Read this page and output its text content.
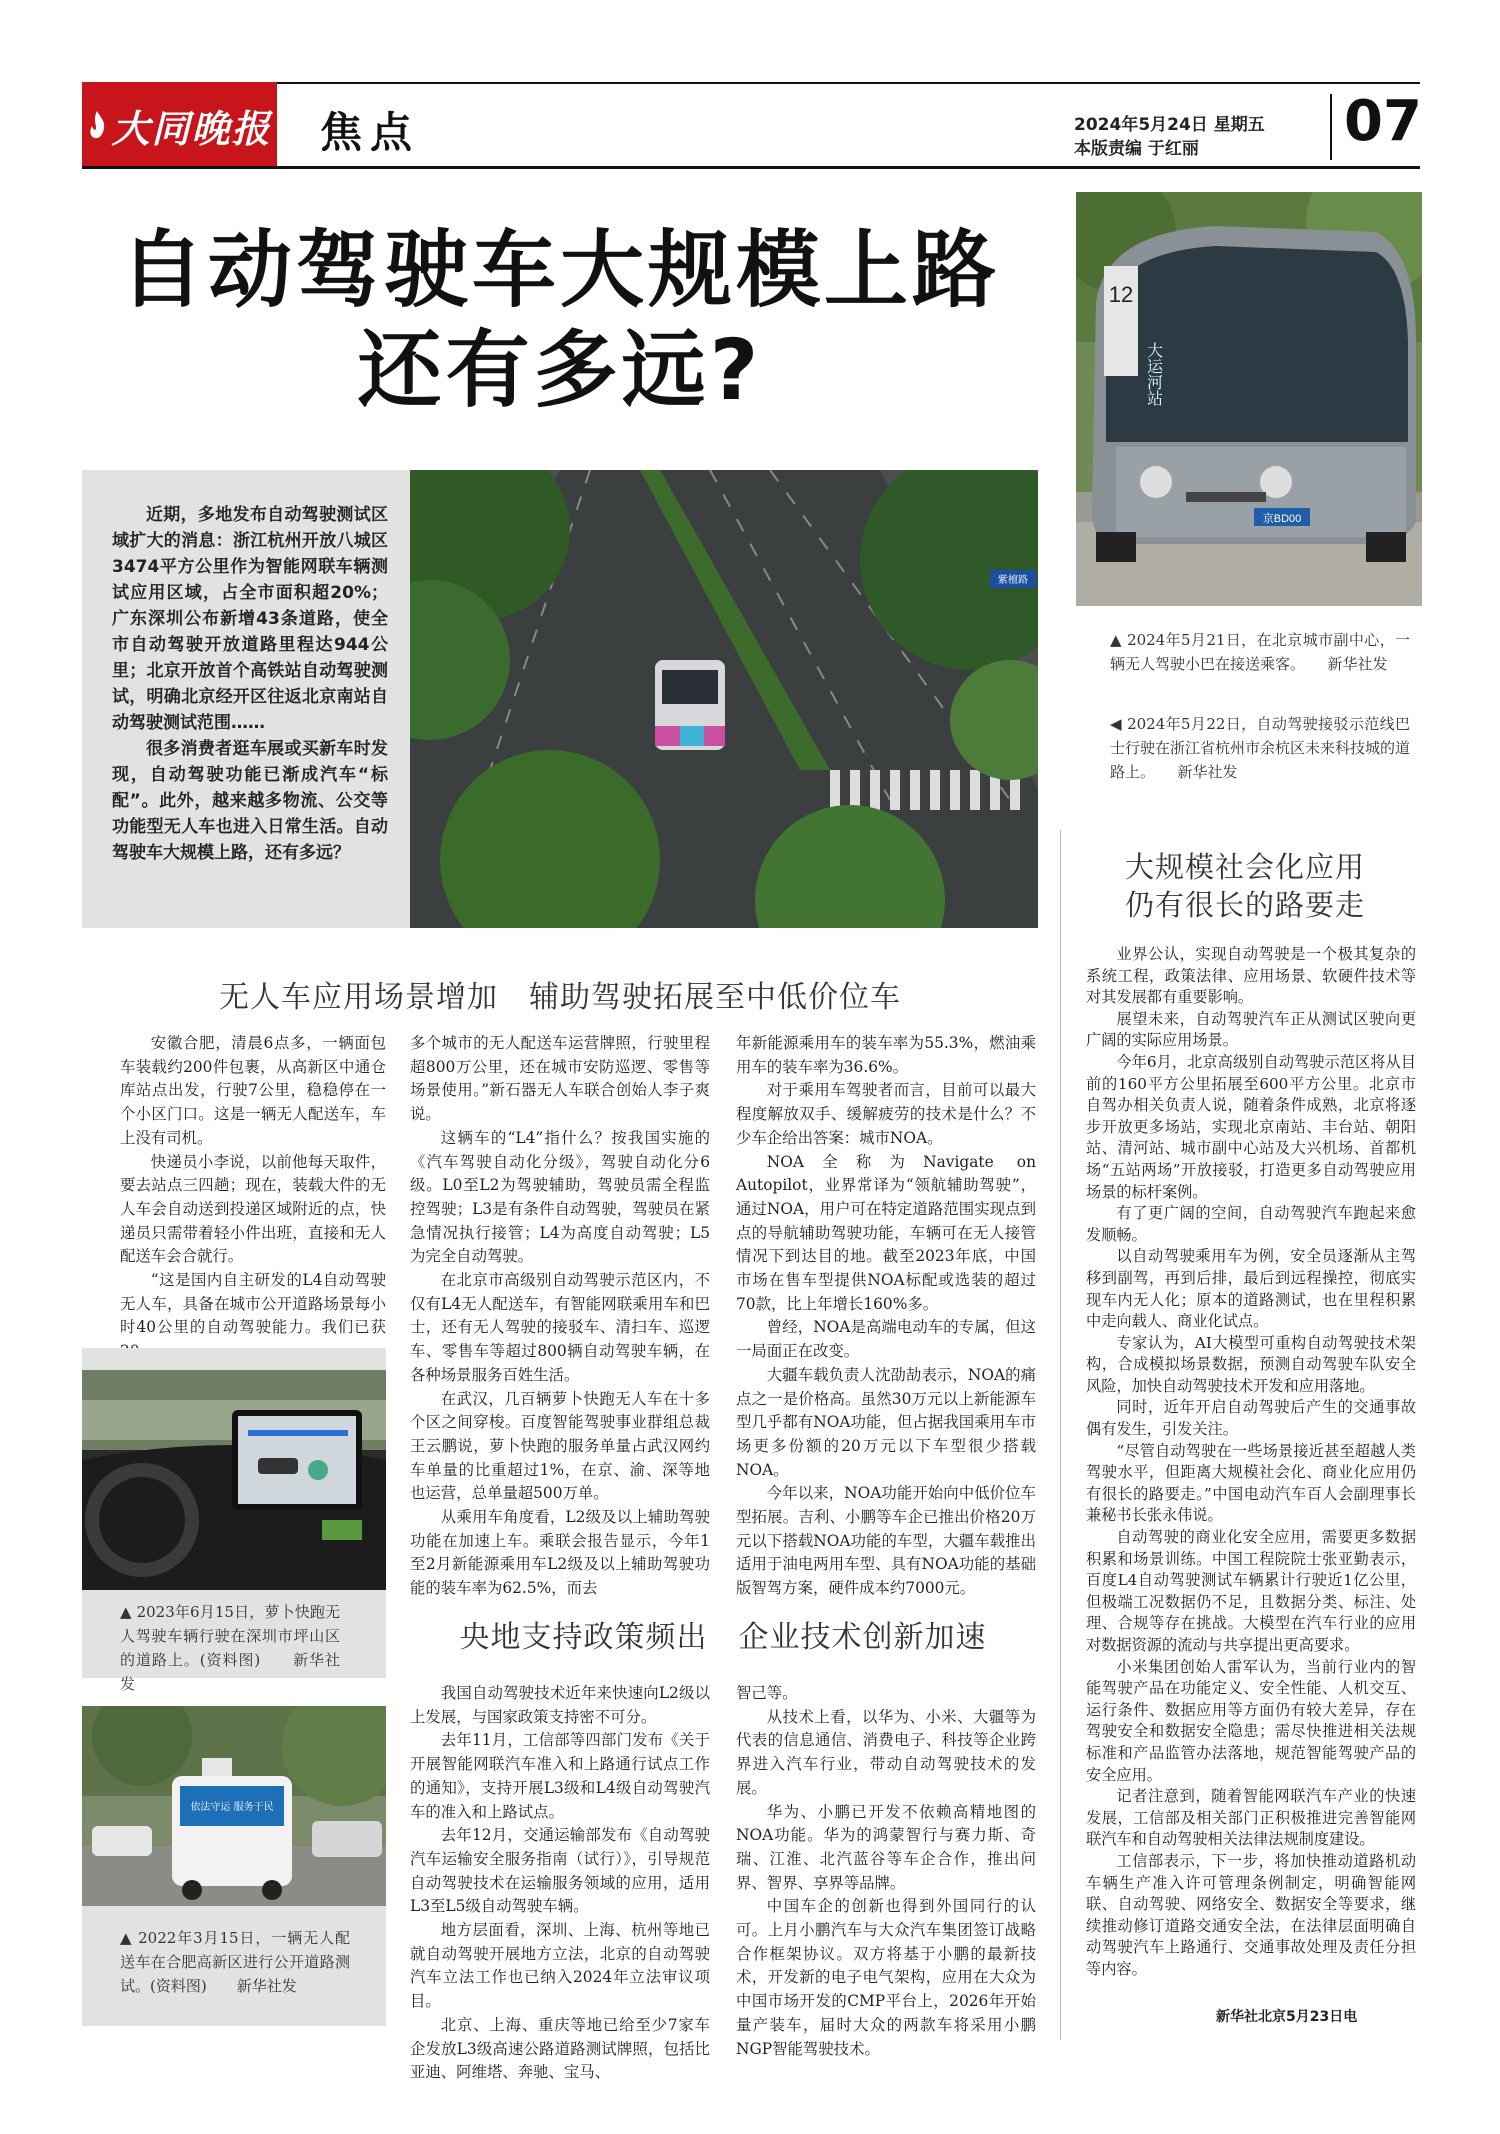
大同晚报 焦点	2024年5月24日 星期五
本版责编 于红丽	07
自动驾驶车大规模上路
还有多远?
12
大运河站
京BD00
▲ 2024年5月21日，在北京城市副中心，一辆无人驾驶小巴在接送乘客。　　新华社发
◀ 2024年5月22日，自动驾驶接驳示范线巴士行驶在浙江省杭州市余杭区未来科技城的道路上。　　新华社发

近期，多地发布自动驾驶测试区域扩大的消息：浙江杭州开放八城区3474平方公里作为智能网联车辆测试应用区域，占全市面积超20%；广东深圳公布新增43条道路，使全市自动驾驶开放道路里程达944公里；北京开放首个高铁站自动驾驶测试，明确北京经开区往返北京南站自动驾驶测试范围……

很多消费者逛车展或买新车时发现，自动驾驶功能已渐成汽车“标配”。此外，越来越多物流、公交等功能型无人车也进入日常生活。自动驾驶车大规模上路，还有多远？

紫檀路
大规模社会化应用
仍有很长的路要走
无人车应用场景增加　辅助驾驶拓展至中低价位车

安徽合肥，清晨6点多，一辆面包车装载约200件包裹，从高新区中通仓库站点出发，行驶7公里，稳稳停在一个小区门口。这是一辆无人配送车，车上没有司机。

快递员小李说，以前他每天取件，要去站点三四趟；现在，装载大件的无人车会自动送到投递区域附近的点，快递员只需带着轻小件出班，直接和无人配送车会合就行。

“这是国内自主研发的L4自动驾驶无人车，具备在城市公开道路场景每小时40公里的自动驾驶能力。我们已获

多个城市的无人配送车运营牌照，行驶里程超800万公里，还在城市安防巡逻、零售等场景使用。”新石器无人车联合创始人李子爽说。

这辆车的“L4”指什么？按我国实施的《汽车驾驶自动化分级》，驾驶自动化分6级。L0至L2为驾驶辅助，驾驶员需全程监控驾驶；L3是有条件自动驾驶，驾驶员在紧急情况执行接管；L4为高度自动驾驶；L5为完全自动驾驶。

在北京市高级别自动驾驶示范区内，不仅有L4无人配送车，有智能网联乘用车和巴士，还有无人驾驶的接驳车、清扫车、巡逻车、零售车等超过800辆自动驾驶车辆，在各种场景服务百姓生活。

在武汉，几百辆萝卜快跑无人车在十多个区之间穿梭。百度智能驾驶事业群组总裁王云鹏说，萝卜快跑的服务单量占武汉网约车单量的比重超过1%，在京、渝、深等地也运营，总单量超500万单。

从乘用车角度看，L2级及以上辅助驾驶功能在加速上车。乘联会报告显示，今年1至2月新能源乘用车L2级及以上辅助驾驶功能的装车率为62.5%，而去

年新能源乘用车的装车率为55.3%，燃油乘用车的装车率为36.6%。

对于乘用车驾驶者而言，目前可以最大程度解放双手、缓解疲劳的技术是什么？不少车企给出答案：城市NOA。

NOA全称为Navigate on Autopilot，业界常译为“领航辅助驾驶”，通过NOA，用户可在特定道路范围实现点到点的导航辅助驾驶功能，车辆可在无人接管情况下到达目的地。截至2023年底，中国市场在售车型提供NOA标配或选装的超过70款，比上年增长160%多。

曾经，NOA是高端电动车的专属，但这一局面正在改变。

大疆车载负责人沈劭劼表示，NOA的痛点之一是价格高。虽然30万元以上新能源车型几乎都有NOA功能，但占据我国乘用车市场更多份额的20万元以下车型很少搭载NOA。

今年以来，NOA功能开始向中低价位车型拓展。吉利、小鹏等车企已推出价格20万元以下搭载NOA功能的车型，大疆车载推出适用于油电两用车型、具有NOA功能的基础版智驾方案，硬件成本约7000元。

▲ 2023年6月15日，萝卜快跑无人驾驶车辆行驶在深圳市坪山区的道路上。(资料图)　　新华社发
依法守运 服务于民
▲ 2022年3月15日，一辆无人配送车在合肥高新区进行公开道路测试。(资料图)　　新华社发
央地支持政策频出　企业技术创新加速

我国自动驾驶技术近年来快速向L2级以上发展，与国家政策支持密不可分。

去年11月，工信部等四部门发布《关于开展智能网联汽车准入和上路通行试点工作的通知》，支持开展L3级和L4级自动驾驶汽车的准入和上路试点。

去年12月，交通运输部发布《自动驾驶汽车运输安全服务指南（试行）》，引导规范自动驾驶技术在运输服务领域的应用，适用L3至L5级自动驾驶车辆。

地方层面看，深圳、上海、杭州等地已就自动驾驶开展地方立法，北京的自动驾驶汽车立法工作也已纳入2024年立法审议项目。

北京、上海、重庆等地已给至少7家车企发放L3级高速公路道路测试牌照，包括比亚迪、阿维塔、奔驰、宝马、

智己等。

从技术上看，以华为、小米、大疆等为代表的信息通信、消费电子、科技等企业跨界进入汽车行业，带动自动驾驶技术的发展。

华为、小鹏已开发不依赖高精地图的NOA功能。华为的鸿蒙智行与赛力斯、奇瑞、江淮、北汽蓝谷等车企合作，推出问界、智界、享界等品牌。

中国车企的创新也得到外国同行的认可。上月小鹏汽车与大众汽车集团签订战略合作框架协议。双方将基于小鹏的最新技术，开发新的电子电气架构，应用在大众为中国市场开发的CMP平台上，2026年开始量产装车，届时大众的两款车将采用小鹏NGP智能驾驶技术。

业界公认，实现自动驾驶是一个极其复杂的系统工程，政策法律、应用场景、软硬件技术等对其发展都有重要影响。

展望未来，自动驾驶汽车正从测试区驶向更广阔的实际应用场景。

今年6月，北京高级别自动驾驶示范区将从目前的160平方公里拓展至600平方公里。北京市自驾办相关负责人说，随着条件成熟，北京将逐步开放更多场站，实现北京南站、丰台站、朝阳站、清河站、城市副中心站及大兴机场、首都机场“五站两场”开放接驳，打造更多自动驾驶应用场景的标杆案例。

有了更广阔的空间，自动驾驶汽车跑起来愈发顺畅。

以自动驾驶乘用车为例，安全员逐渐从主驾移到副驾，再到后排，最后到远程操控，彻底实现车内无人化；原本的道路测试，也在里程积累中走向载人、商业化试点。

专家认为，AI大模型可重构自动驾驶技术架构，合成模拟场景数据，预测自动驾驶车队安全风险，加快自动驾驶技术开发和应用落地。

同时，近年开启自动驾驶后产生的交通事故偶有发生，引发关注。

“尽管自动驾驶在一些场景接近甚至超越人类驾驶水平，但距离大规模社会化、商业化应用仍有很长的路要走。”中国电动汽车百人会副理事长兼秘书长张永伟说。

自动驾驶的商业化安全应用，需要更多数据积累和场景训练。中国工程院院士张亚勤表示，百度L4自动驾驶测试车辆累计行驶近1亿公里，但极端工况数据仍不足，且数据分类、标注、处理、合规等存在挑战。大模型在汽车行业的应用对数据资源的流动与共享提出更高要求。

小米集团创始人雷军认为，当前行业内的智能驾驶产品在功能定义、安全性能、人机交互、运行条件、数据应用等方面仍有较大差异，存在驾驶安全和数据安全隐患；需尽快推进相关法规标准和产品监管办法落地，规范智能驾驶产品的安全应用。

记者注意到，随着智能网联汽车产业的快速发展，工信部及相关部门正积极推进完善智能网联汽车和自动驾驶相关法律法规制度建设。

工信部表示，下一步，将加快推动道路机动车辆生产准入许可管理条例制定，明确智能网联、自动驾驶、网络安全、数据安全等要求，继续推动修订道路交通安全法，在法律层面明确自动驾驶汽车上路通行、交通事故处理及责任分担等内容。

新华社北京5月23日电
